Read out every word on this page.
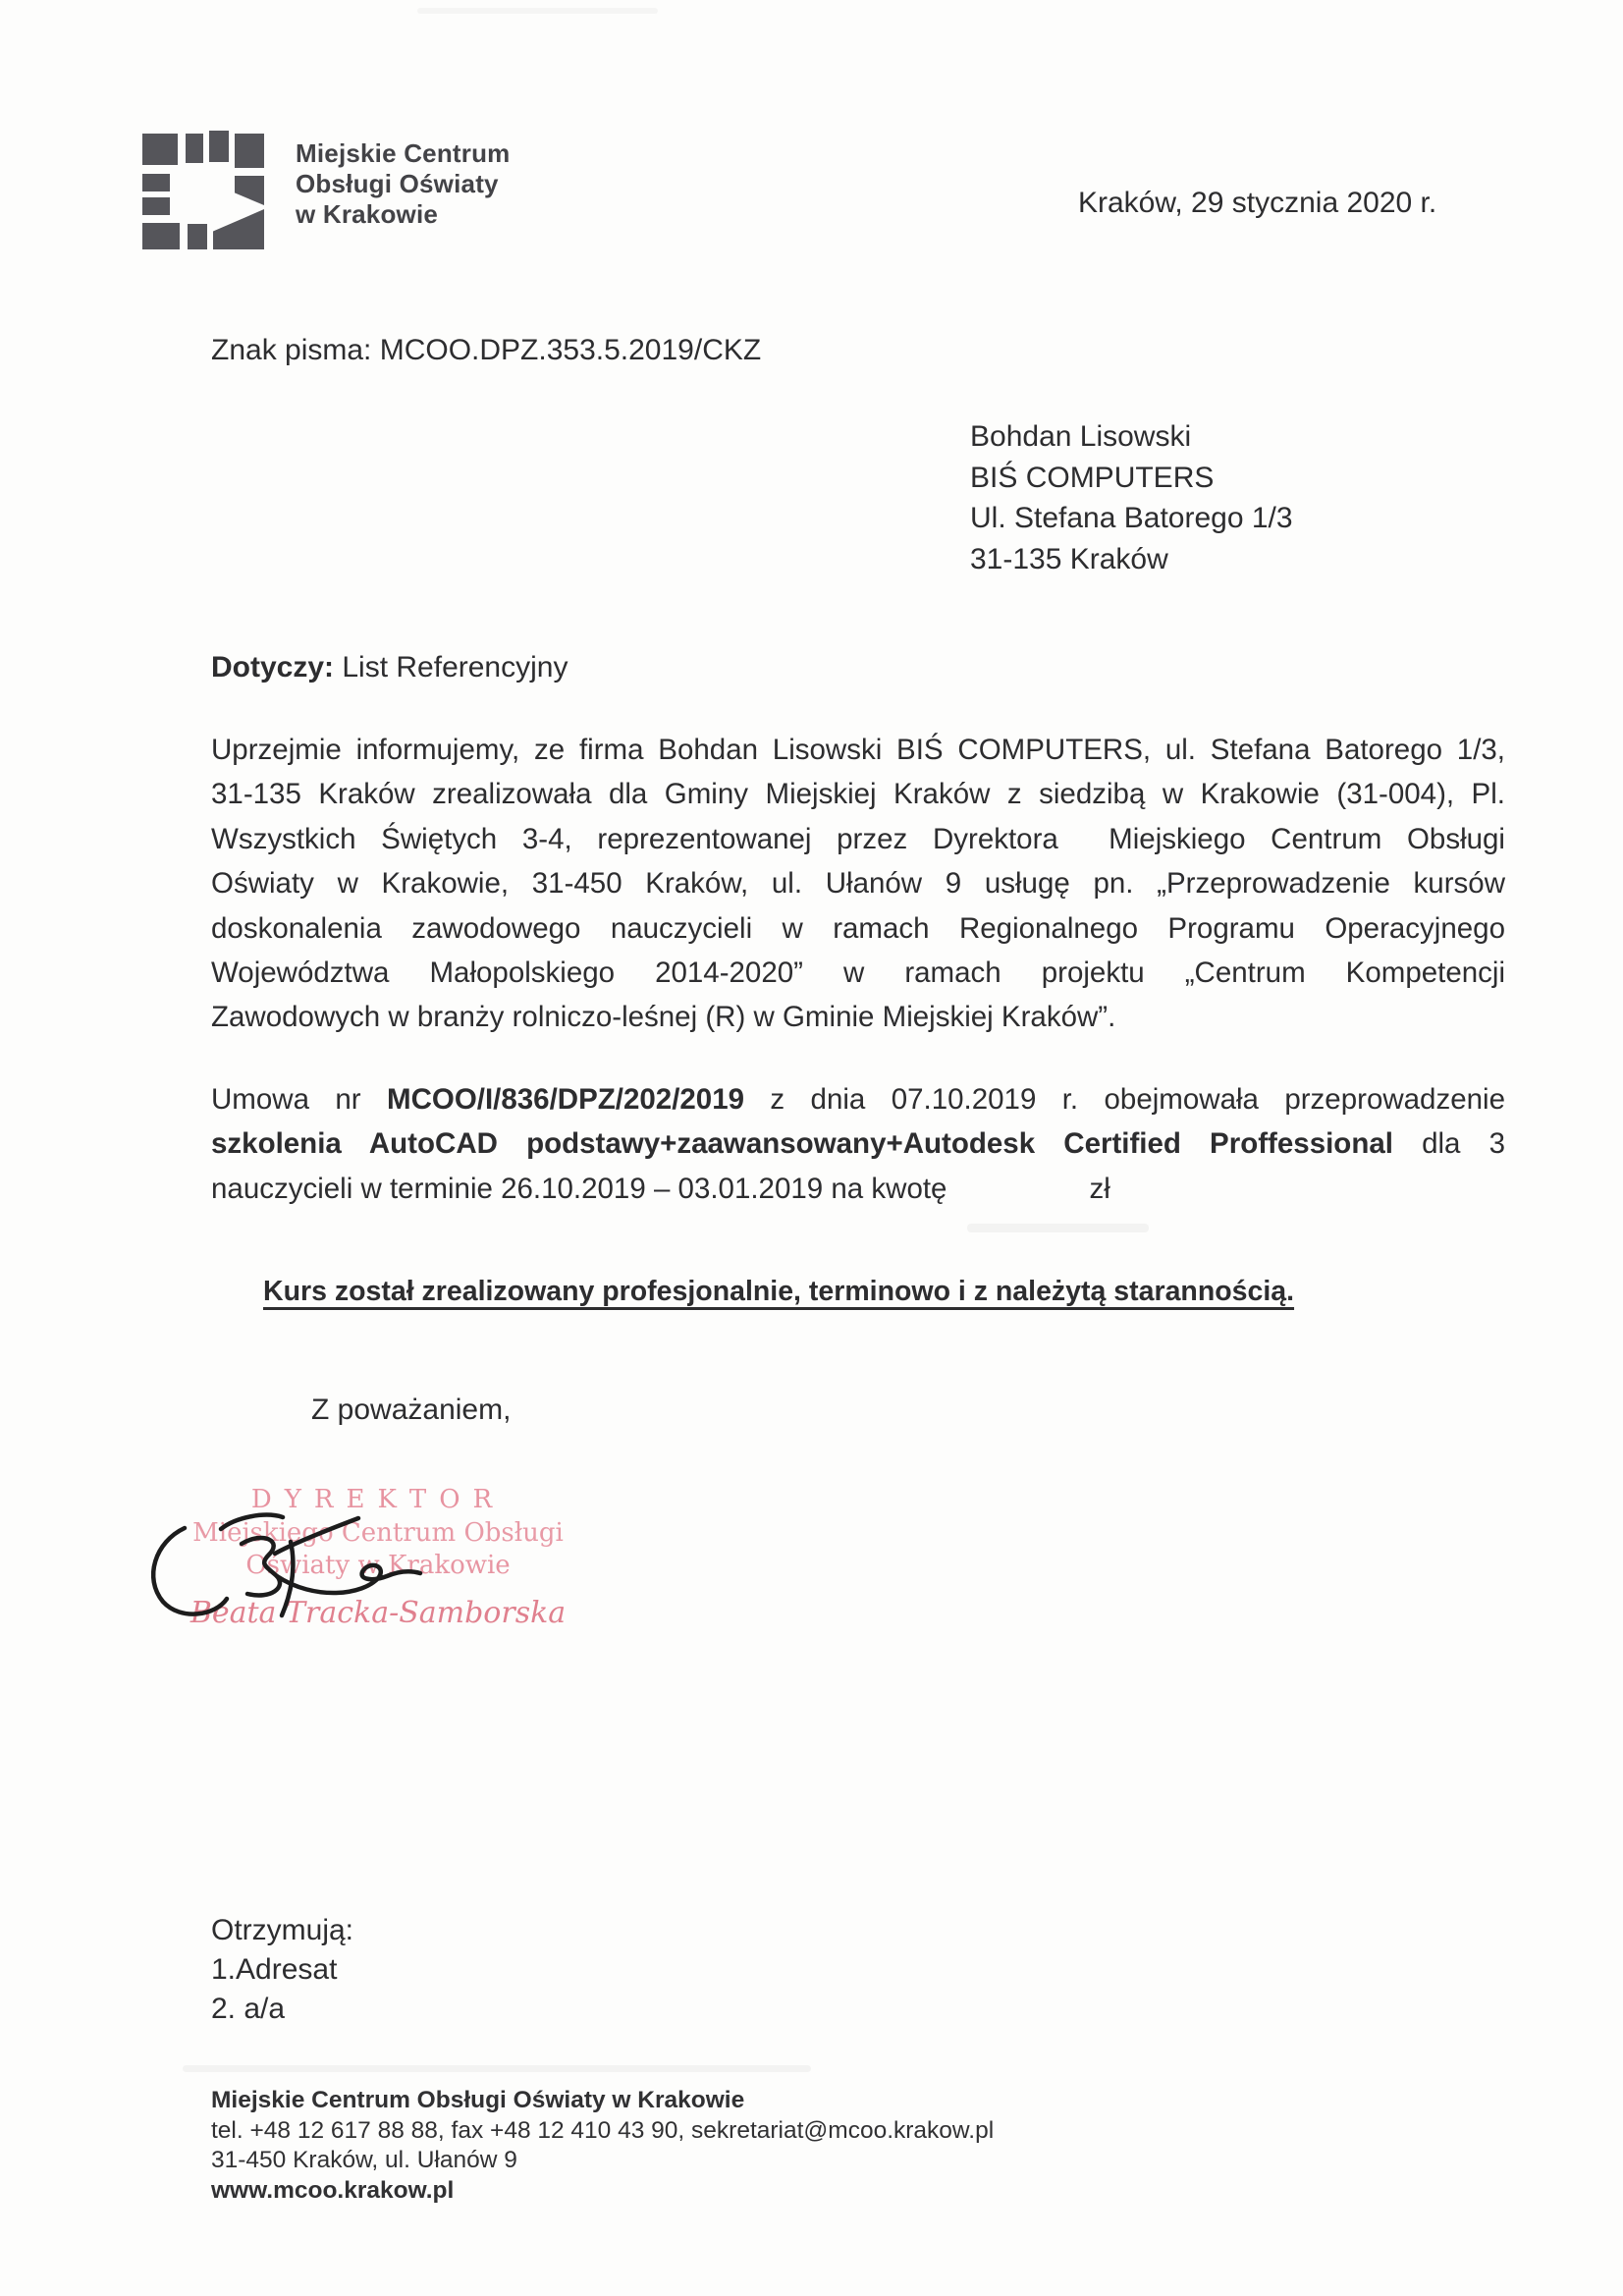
Miejskie Centrum
Obsługi Oświaty
w Krakowie	Kraków, 29 stycznia 2020 r.
Znak pisma: MCOO.DPZ.353.5.2019/CKZ
Bohdan Lisowski
BIŚ COMPUTERS
Ul. Stefana Batorego 1/3
31-135 Kraków
Dotyczy: List Referencyjny
Uprzejmie informujemy, ze firma Bohdan Lisowski BIŚ COMPUTERS, ul. Stefana Batorego 1/3,
31-135 Kraków zrealizowała dla Gminy Miejskiej Kraków z siedzibą w Krakowie (31-004), Pl.
Wszystkich Świętych 3-4, reprezentowanej przez Dyrektora  Miejskiego Centrum Obsługi
Oświaty w Krakowie, 31-450 Kraków, ul. Ułanów 9 usługę pn. „Przeprowadzenie kursów
doskonalenia zawodowego nauczycieli w ramach Regionalnego Programu Operacyjnego
Województwa Małopolskiego 2014-2020” w ramach projektu „Centrum Kompetencji
Zawodowych w branży rolniczo-leśnej (R) w Gminie Miejskiej Kraków”.
Umowa nr MCOO/I/836/DPZ/202/2019 z dnia 07.10.2019 r. obejmowała przeprowadzenie
szkolenia AutoCAD podstawy+zaawansowany+Autodesk Certified Proffessional dla 3
nauczycieli w terminie 26.10.2019 – 03.01.2019 na kwotę	zł
Kurs został zrealizowany profesjonalnie, terminowo i z należytą starannością.
Z poważaniem,
DYREKTOR
Miejskiego Centrum Obsługi
Oświaty w Krakowie
Beata Tracka-Samborska
Otrzymują:
1.Adresat
2. a/a
Miejskie Centrum Obsługi Oświaty w Krakowie
tel. +48 12 617 88 88, fax +48 12 410 43 90, sekretariat@mcoo.krakow.pl
31-450 Kraków, ul. Ułanów 9
www.mcoo.krakow.pl
